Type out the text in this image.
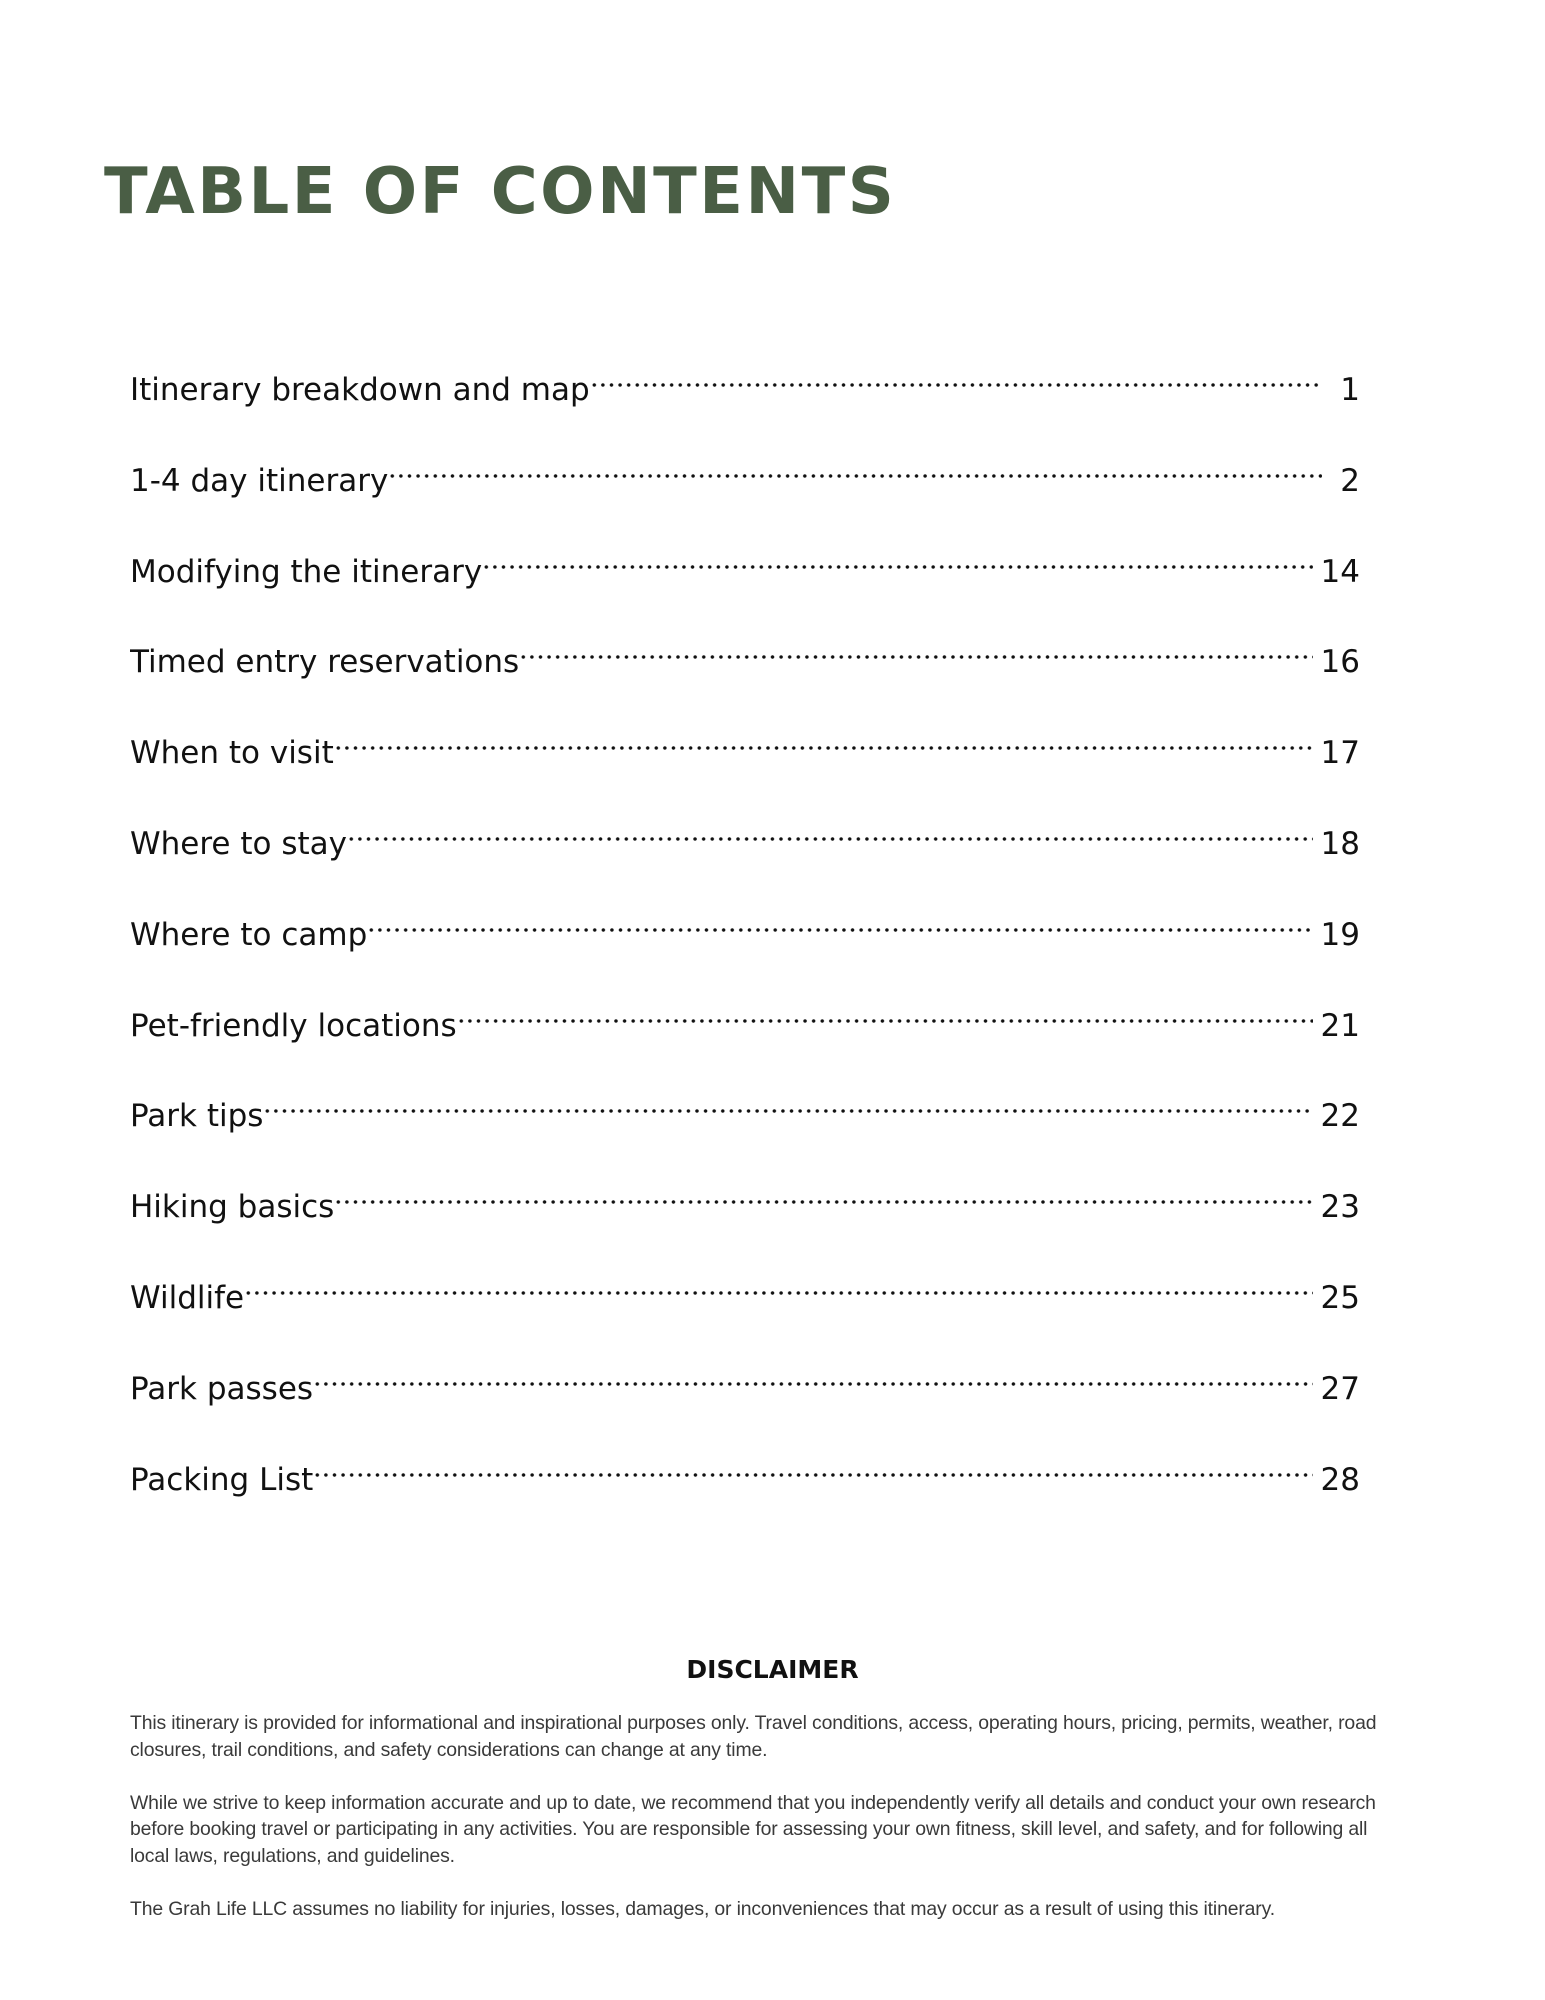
TABLE OF CONTENTS
Itinerary breakdown and map	1
1-4 day itinerary	2
Modifying the itinerary	14
Timed entry reservations	16
When to visit	17
Where to stay	18
Where to camp	19
Pet-friendly locations	21
Park tips	22
Hiking basics	23
Wildlife	25
Park passes	27
Packing List	28
DISCLAIMER

This itinerary is provided for informational and inspirational purposes only. Travel conditions, access, operating hours, pricing, permits, weather, road closures, trail conditions, and safety considerations can change at any time.

While we strive to keep information accurate and up to date, we recommend that you independently verify all details and conduct your own research before booking travel or participating in any activities. You are responsible for assessing your own fitness, skill level, and safety, and for following all local laws, regulations, and guidelines.

The Grah Life LLC assumes no liability for injuries, losses, damages, or inconveniences that may occur as a result of using this itinerary.
